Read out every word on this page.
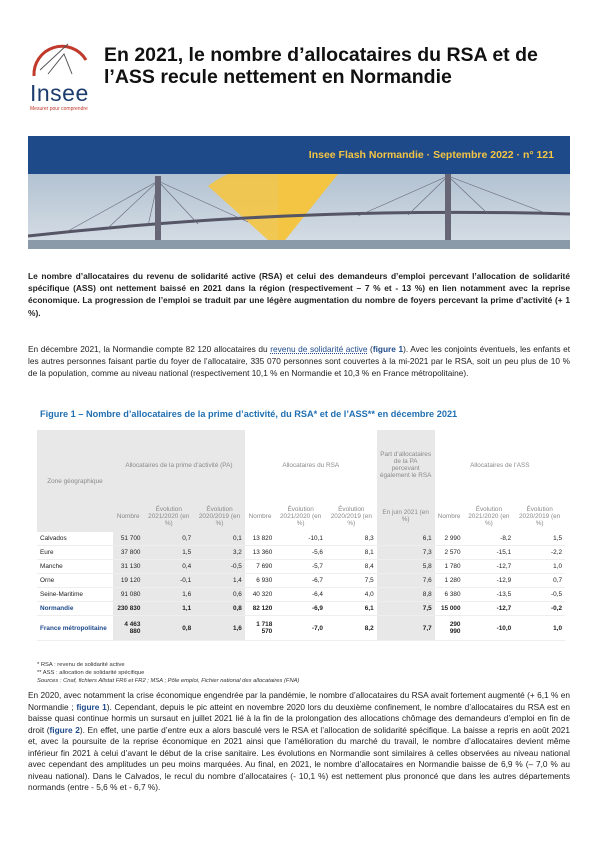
Insee
Mesurer pour comprendre
En 2021, le nombre d’allocataires du RSA et de l’ASS recule nettement en Normandie
Insee Flash Normandie · Septembre 2022 · n° 121
Le nombre d’allocataires du revenu de solidarité active (RSA) et celui des demandeurs d’emploi percevant l’allocation de solidarité spécifique (ASS) ont nettement baissé en 2021 dans la région (respectivement – 7 % et - 13 %) en lien notamment avec la reprise économique. La progression de l’emploi se traduit par une légère augmentation du nombre de foyers percevant la prime d’activité (+ 1 %).
En décembre 2021, la Normandie compte 82 120 allocataires du revenu de solidarité active (figure 1). Avec les conjoints éventuels, les enfants et les autres personnes faisant partie du foyer de l’allocataire, 335 070 personnes sont couvertes à la mi-2021 par le RSA, soit un peu plus de 10 % de la population, comme au niveau national (respectivement 10,1 % en Normandie et 10,3 % en France métropolitaine).
Figure 1 – Nombre d’allocataires de la prime d’activité, du RSA* et de l’ASS** en décembre 2021
Zone géographique	Allocataires de la prime d’activité (PA)			Allocataires du RSA			Part d’allocataires de la PA percevant également le RSA	Allocataires de l’ASS		
	Nombre	Évolution 2021/2020 (en %)	Évolution 2020/2019 (en %)	Nombre	Évolution 2021/2020 (en %)	Évolution 2020/2019 (en %)	En juin 2021 (en %)	Nombre	Évolution 2021/2020 (en %)	Évolution 2020/2019 (en %)
Calvados	51 700	0,7	0,1	13 820	-10,1	8,3	6,1	2 990	-8,2	1,5
Eure	37 800	1,5	3,2	13 360	-5,6	8,1	7,3	2 570	-15,1	-2,2
Manche	31 130	0,4	-0,5	7 690	-5,7	8,4	5,8	1 780	-12,7	1,0
Orne	19 120	-0,1	1,4	6 930	-6,7	7,5	7,6	1 280	-12,9	0,7
Seine-Maritime	91 080	1,6	0,6	40 320	-6,4	4,0	8,8	6 380	-13,5	-0,5
Normandie	230 830	1,1	0,8	82 120	-6,9	6,1	7,5	15 000	-12,7	-0,2
France métropolitaine	4 463 880	0,8	1,6	1 718 570	-7,0	8,2	7,7	290 990	-10,0	1,0
* RSA : revenu de solidarité active
** ASS : allocation de solidarité spécifique
Sources : Cnaf, fichiers Allstat FR6 et FR2 ; MSA ; Pôle emploi, Fichier national des allocataires (FNA)
En 2020, avec notamment la crise économique engendrée par la pandémie, le nombre d’allocataires du RSA avait fortement augmenté (+ 6,1 % en Normandie ; figure 1). Cependant, depuis le pic atteint en novembre 2020 lors du deuxième confinement, le nombre d’allocataires du RSA est en baisse quasi continue hormis un sursaut en juillet 2021 lié à la fin de la prolongation des allocations chômage des demandeurs d’emploi en fin de droit (figure 2). En effet, une partie d’entre eux a alors basculé vers le RSA et l’allocation de solidarité spécifique. La baisse a repris en août 2021 et, avec la poursuite de la reprise économique en 2021 ainsi que l’amélioration du marché du travail, le nombre d’allocataires devient même inférieur fin 2021 à celui d’avant le début de la crise sanitaire. Les évolutions en Normandie sont similaires à celles observées au niveau national avec cependant des amplitudes un peu moins marquées. Au final, en 2021, le nombre d’allocataires en Normandie baisse de 6,9 % (– 7,0 % au niveau national). Dans le Calvados, le recul du nombre d’allocataires (- 10,1 %) est nettement plus prononcé que dans les autres départements normands (entre - 5,6 % et - 6,7 %).
